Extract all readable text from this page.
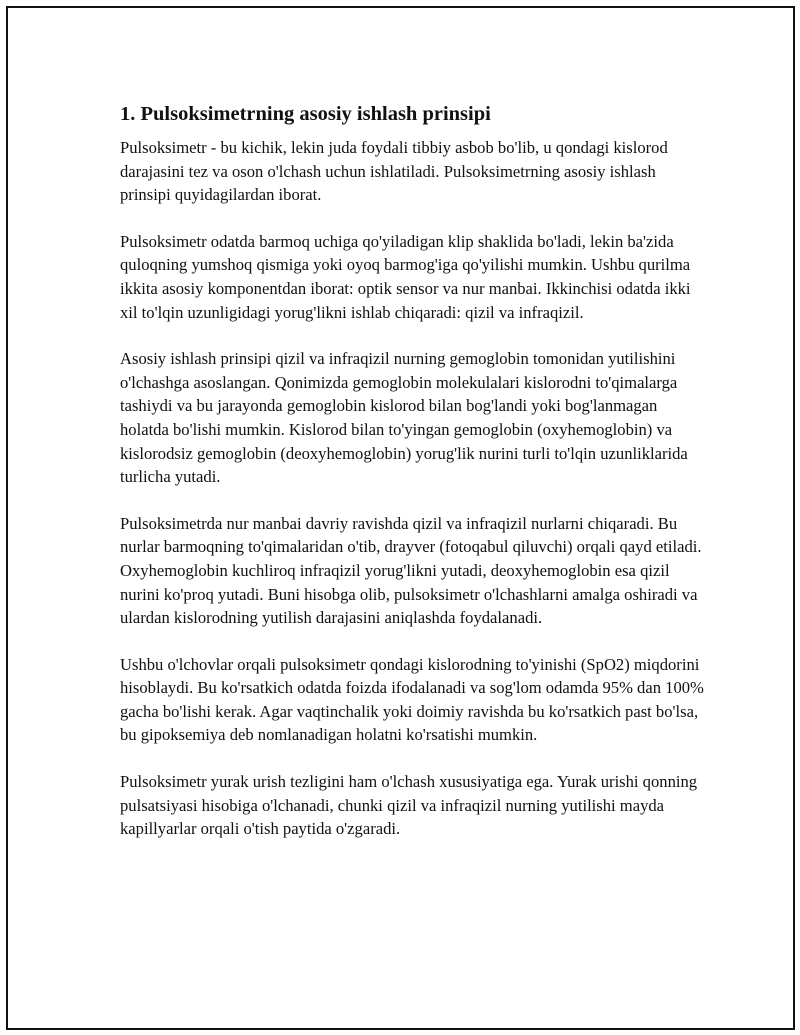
1. Pulsoksimetrning asosiy ishlash prinsipi

Pulsoksimetr - bu kichik, lekin juda foydali tibbiy asbob bo'lib, u qondagi kislorod darajasini tez va oson o'lchash uchun ishlatiladi. Pulsoksimetrning asosiy ishlash prinsipi quyidagilardan iborat.

Pulsoksimetr odatda barmoq uchiga qo'yiladigan klip shaklida bo'ladi, lekin ba'zida quloqning yumshoq qismiga yoki oyoq barmog'iga qo'yilishi mumkin. Ushbu qurilma ikkita asosiy komponentdan iborat: optik sensor va nur manbai. Ikkinchisi odatda ikki xil to'lqin uzunligidagi yorug'likni ishlab chiqaradi: qizil va infraqizil.

Asosiy ishlash prinsipi qizil va infraqizil nurning gemoglobin tomonidan yutilishini o'lchashga asoslangan. Qonimizda gemoglobin molekulalari kislorodni to'qimalarga tashiydi va bu jarayonda gemoglobin kislorod bilan bog'landi yoki bog'lanmagan holatda bo'lishi mumkin. Kislorod bilan to'yingan gemoglobin (oxyhemoglobin) va kislorodsiz gemoglobin (deoxyhemoglobin) yorug'lik nurini turli to'lqin uzunliklarida turlicha yutadi.

Pulsoksimetrda nur manbai davriy ravishda qizil va infraqizil nurlarni chiqaradi. Bu nurlar barmoqning to'qimalaridan o'tib, drayver (fotoqabul qiluvchi) orqali qayd etiladi. Oxyhemoglobin kuchliroq infraqizil yorug'likni yutadi, deoxyhemoglobin esa qizil nurini ko'proq yutadi. Buni hisobga olib, pulsoksimetr o'lchashlarni amalga oshiradi va ulardan kislorodning yutilish darajasini aniqlashda foydalanadi.

Ushbu o'lchovlar orqali pulsoksimetr qondagi kislorodning to'yinishi (SpO2) miqdorini hisoblaydi. Bu ko'rsatkich odatda foizda ifodalanadi va sog'lom odamda 95% dan 100% gacha bo'lishi kerak. Agar vaqtinchalik yoki doimiy ravishda bu ko'rsatkich past bo'lsa, bu gipoksemiya deb nomlanadigan holatni ko'rsatishi mumkin.

Pulsoksimetr yurak urish tezligini ham o'lchash xususiyatiga ega. Yurak urishi qonning pulsatsiyasi hisobiga o'lchanadi, chunki qizil va infraqizil nurning yutilishi mayda kapillyarlar orqali o'tish paytida o'zgaradi.
